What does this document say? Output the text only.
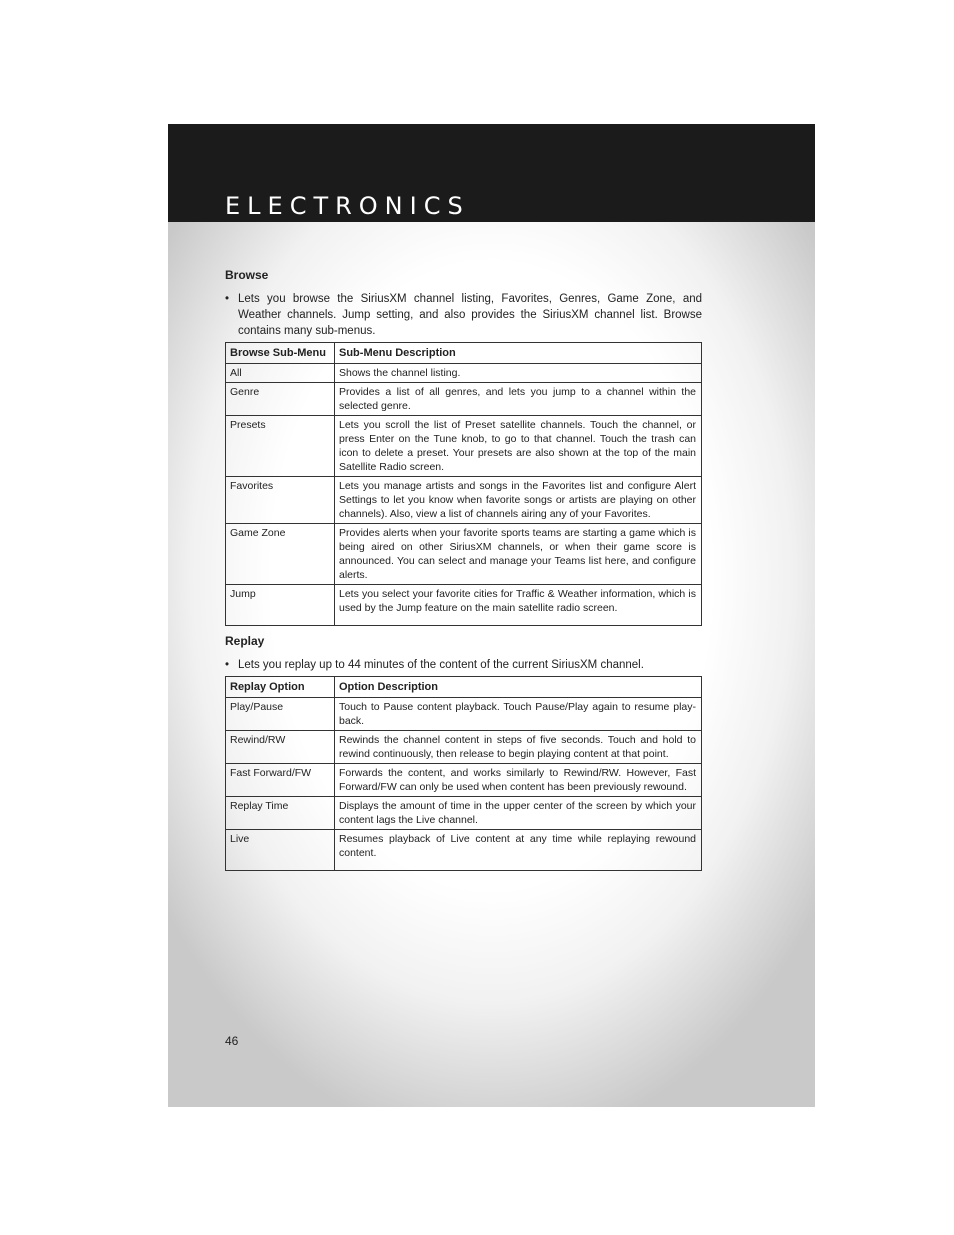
ELECTRONICS
Browse
• Lets you browse the SiriusXM channel listing, Favorites, Genres, Game Zone, and Weather channels. Jump setting, and also provides the SiriusXM channel list. Browse contains many sub-menus.
Browse Sub-Menu	Sub-Menu Description
All	Shows the channel listing.
Genre	Provides a list of all genres, and lets you jump to a channel within the selected genre.
Presets	Lets you scroll the list of Preset satellite channels. Touch the channel, or press Enter on the Tune knob, to go to that channel. Touch the trash can icon to delete a preset. Your presets are also shown at the top of the main Satellite Radio screen.
Favorites	Lets you manage artists and songs in the Favorites list and configure Alert Settings to let you know when favorite songs or artists are playing on other channels). Also, view a list of channels airing any of your Favorites.
Game Zone	Provides alerts when your favorite sports teams are starting a game which is being aired on other SiriusXM channels, or when their game score is announced. You can select and manage your Teams list here, and configure alerts.
Jump	Lets you select your favorite cities for Traffic & Weather information, which is used by the Jump feature on the main satellite radio screen.
Replay
• Lets you replay up to 44 minutes of the content of the current SiriusXM channel.
Replay Option	Option Description
Play/Pause	Touch to Pause content playback. Touch Pause/Play again to resume play-back.
Rewind/RW	Rewinds the channel content in steps of five seconds. Touch and hold to rewind continuously, then release to begin playing content at that point.
Fast Forward/FW	Forwards the content, and works similarly to Rewind/RW. However, Fast Forward/FW can only be used when content has been previously rewound.
Replay Time	Displays the amount of time in the upper center of the screen by which your content lags the Live channel.
Live	Resumes playback of Live content at any time while replaying rewound content.
46
